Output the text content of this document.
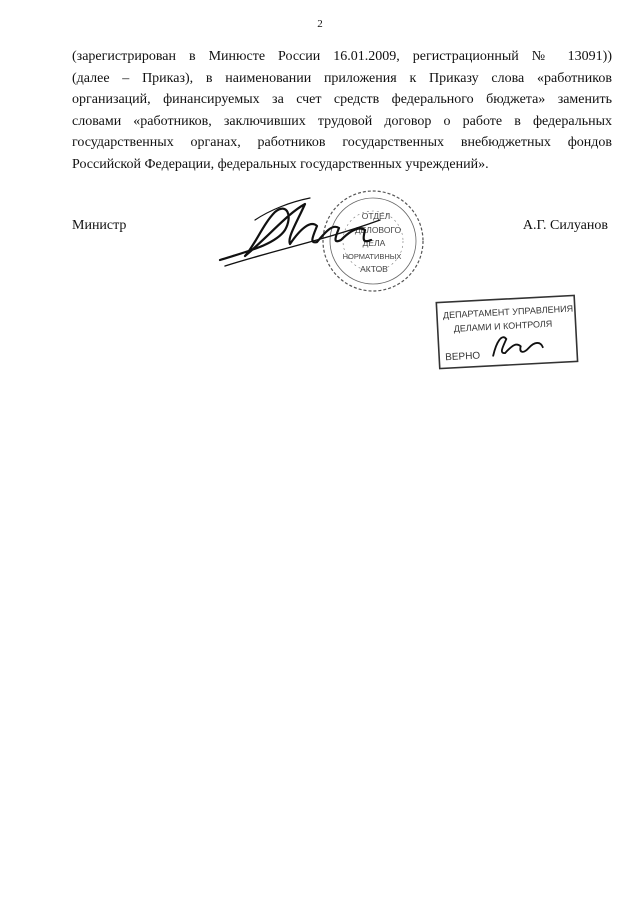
2
(зарегистрирован в Минюсте России 16.01.2009, регистрационный № 13091))
(далее – Приказ), в наименовании приложения к Приказу слова «работников
организаций, финансируемых за счет средств федерального бюджета» заменить
словами «работников, заключивших трудовой договор о работе в федеральных
государственных органах, работников государственных внебюджетных фондов
Российской Федерации, федеральных государственных учреждений».
Министр	А.Г. Силуанов
ОТДЕЛ
ДЕЛОВОГО
ДЕЛА
НОРМАТИВНЫХ
АКТОВ
ДЕПАРТАМЕНТ УПРАВЛЕНИЯ
ДЕЛАМИ И КОНТРОЛЯ
ВЕРНО
